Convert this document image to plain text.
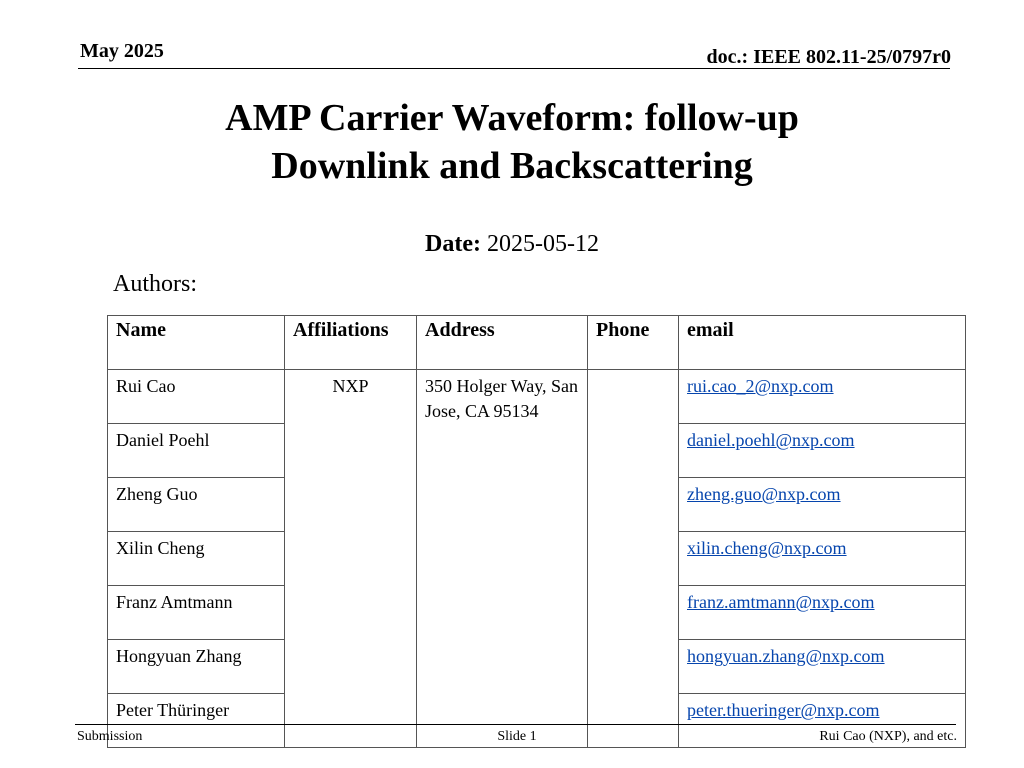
May 2025	doc.: IEEE 802.11-25/0797r0
AMP Carrier Waveform: follow-up
Downlink and Backscattering
Date: 2025-05-12
Authors:
Name	Affiliations	Address	Phone	email
Rui Cao	NXP	350 Holger Way, San Jose, CA 95134		rui.cao_2@nxp.com
Daniel Poehl				daniel.poehl@nxp.com
Zheng Guo				zheng.guo@nxp.com
Xilin Cheng				xilin.cheng@nxp.com
Franz Amtmann				franz.amtmann@nxp.com
Hongyuan Zhang				hongyuan.zhang@nxp.com
Peter Thüringer				peter.thueringer@nxp.com
Submission	Slide 1	Rui Cao (NXP), and etc.
